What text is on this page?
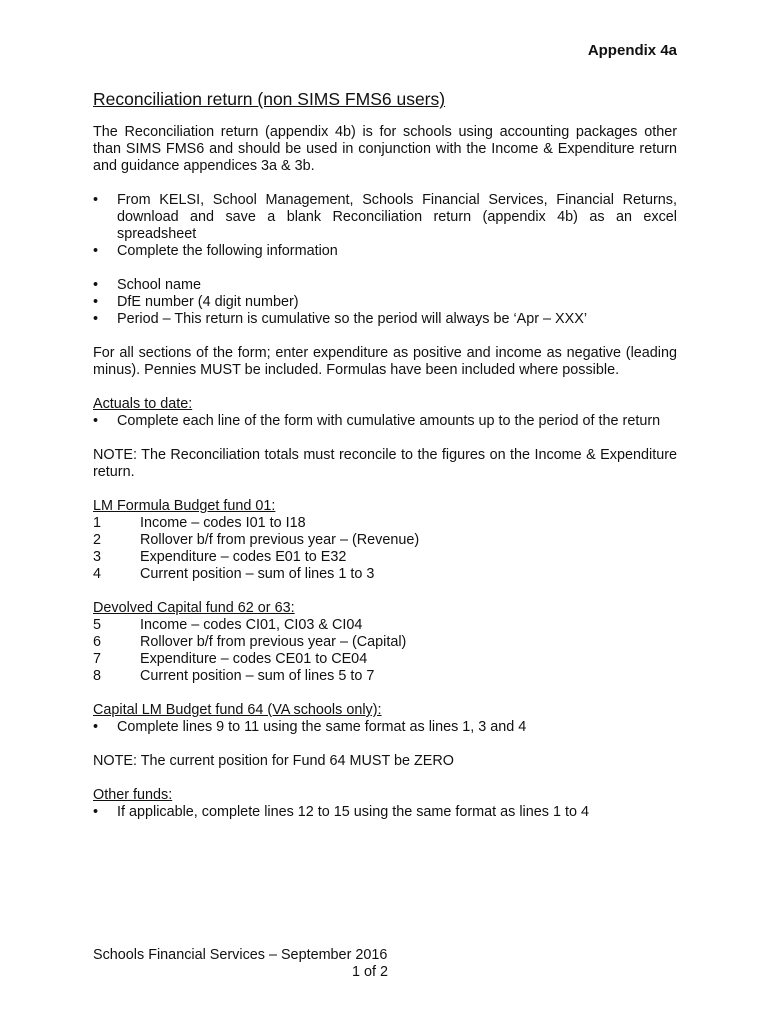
Appendix 4a
Reconciliation return (non SIMS FMS6 users)

The Reconciliation return (appendix 4b) is for schools using accounting packages other than SIMS FMS6 and should be used in conjunction with the Income & Expenditure return and guidance appendices 3a & 3b.

• From KELSI, School Management, Schools Financial Services, Financial Returns, download and save a blank Reconciliation return (appendix 4b) as an excel spreadsheet
• Complete the following information
• School name
• DfE number (4 digit number)
• Period – This return is cumulative so the period will always be ‘Apr – XXX’

For all sections of the form; enter expenditure as positive and income as negative (leading minus). Pennies MUST be included. Formulas have been included where possible.

Actuals to date:
• Complete each line of the form with cumulative amounts up to the period of the return

NOTE: The Reconciliation totals must reconcile to the figures on the Income & Expenditure return.

LM Formula Budget fund 01:
1	Income – codes I01 to I18
2	Rollover b/f from previous year – (Revenue)
3	Expenditure – codes E01 to E32
4	Current position – sum of lines 1 to 3
Devolved Capital fund 62 or 63:
5	Income – codes CI01, CI03 & CI04
6	Rollover b/f from previous year – (Capital)
7	Expenditure – codes CE01 to CE04
8	Current position – sum of lines 5 to 7
Capital LM Budget fund 64 (VA schools only):
• Complete lines 9 to 11 using the same format as lines 1, 3 and 4

NOTE: The current position for Fund 64 MUST be ZERO

Other funds:
• If applicable, complete lines 12 to 15 using the same format as lines 1 to 4
Schools Financial Services – September 2016
1 of 2
